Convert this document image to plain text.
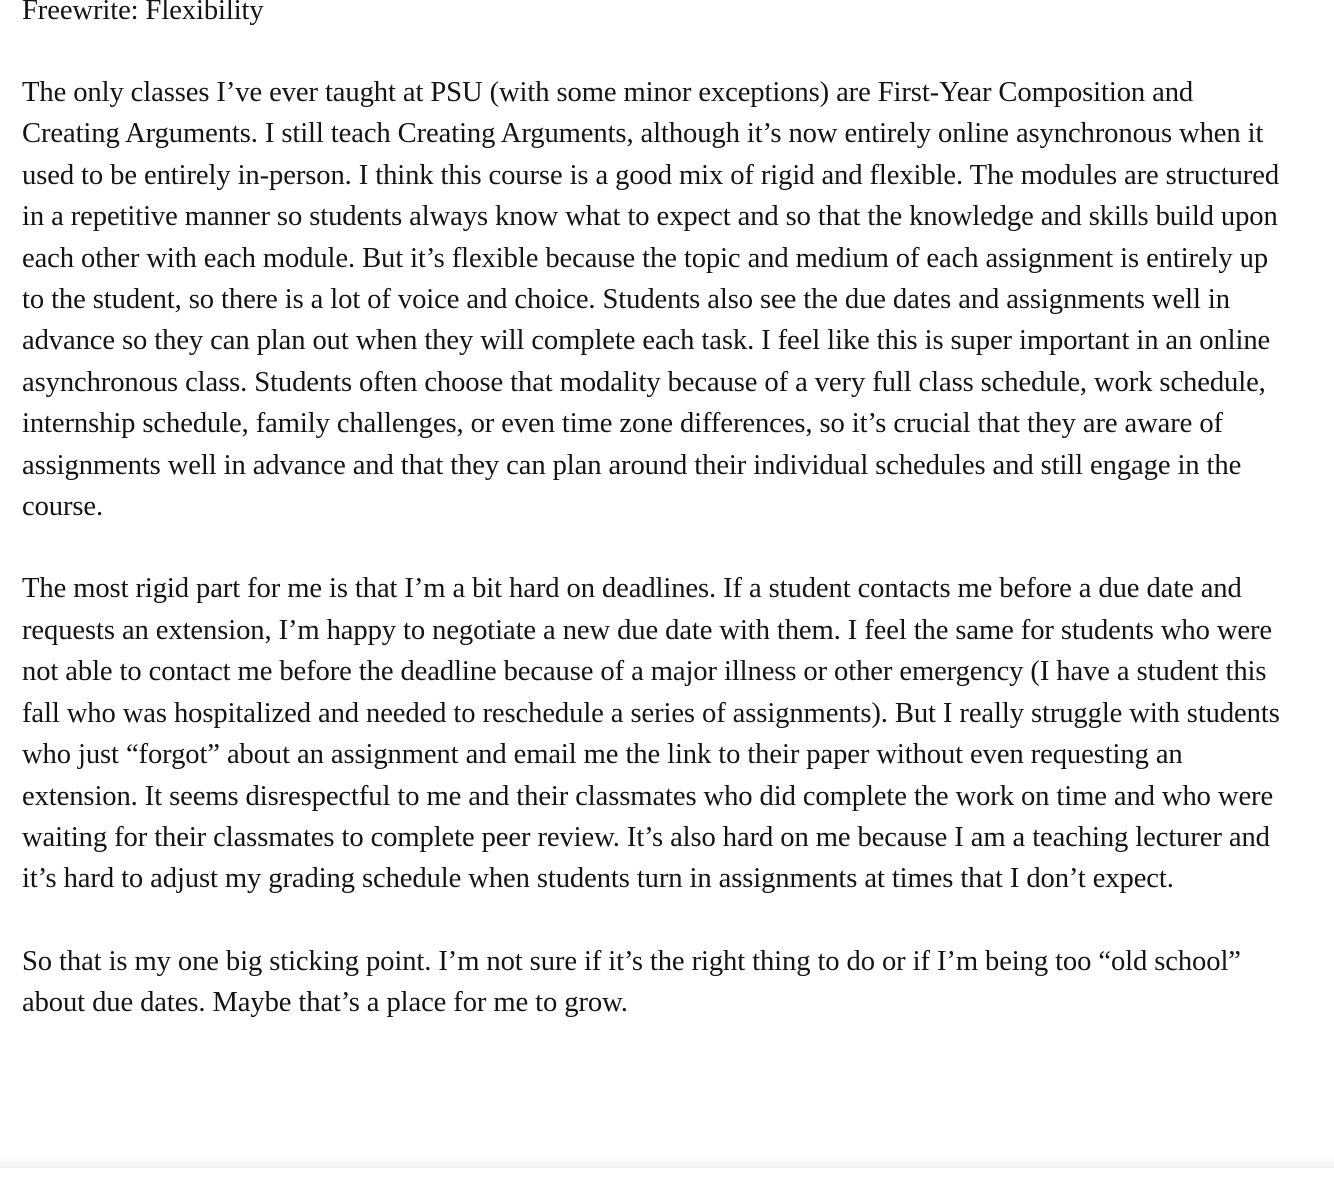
Freewrite: Flexibility

The only classes I’ve ever taught at PSU (with some minor exceptions) are First-Year Composition and Creating Arguments. I still teach Creating Arguments, although it’s now entirely online asynchronous when it used to be entirely in-person. I think this course is a good mix of rigid and flexible. The modules are structured in a repetitive manner so students always know what to expect and so that the knowledge and skills build upon each other with each module. But it’s flexible because the topic and medium of each assignment is entirely up to the student, so there is a lot of voice and choice. Students also see the due dates and assignments well in advance so they can plan out when they will complete each task. I feel like this is super important in an online asynchronous class. Students often choose that modality because of a very full class schedule, work schedule, internship schedule, family challenges, or even time zone differences, so it’s crucial that they are aware of assignments well in advance and that they can plan around their individual schedules and still engage in the course.

The most rigid part for me is that I’m a bit hard on deadlines. If a student contacts me before a due date and requests an extension, I’m happy to negotiate a new due date with them. I feel the same for students who were not able to contact me before the deadline because of a major illness or other emergency (I have a student this fall who was hospitalized and needed to reschedule a series of assignments). But I really struggle with students who just “forgot” about an assignment and email me the link to their paper without even requesting an extension. It seems disrespectful to me and their classmates who did complete the work on time and who were waiting for their classmates to complete peer review. It’s also hard on me because I am a teaching lecturer and it’s hard to adjust my grading schedule when students turn in assignments at times that I don’t expect.

So that is my one big sticking point. I’m not sure if it’s the right thing to do or if I’m being too “old school” about due dates. Maybe that’s a place for me to grow.
